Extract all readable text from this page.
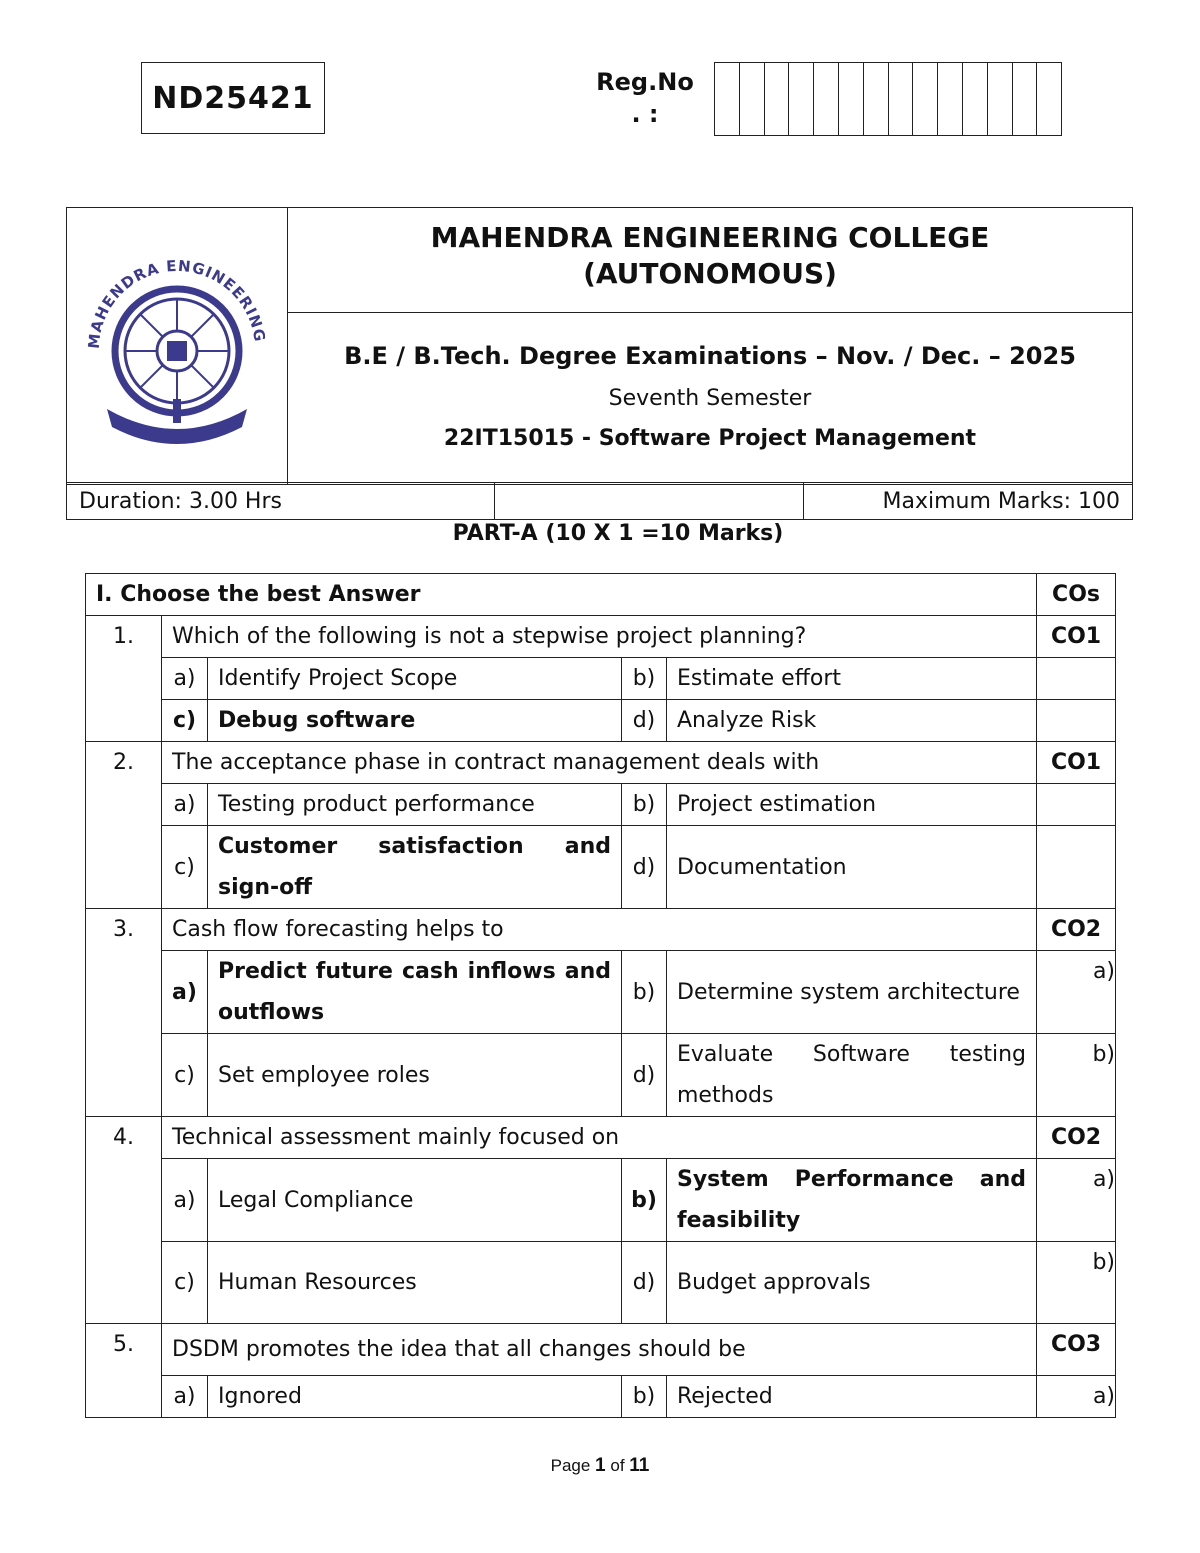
ND25421	Reg.No
. :
MAHENDRA ENGINEERING

MAHENDRA ENGINEERING COLLEGE
(AUTONOMOUS)

B.E / B.Tech. Degree Examinations – Nov. / Dec. – 2025
Seventh Semester
22IT15015 - Software Project Management
Duration: 3.00 Hrs		Maximum Marks: 100
PART-A (10 X 1 =10 Marks)
I. Choose the best Answer					COs
1.	Which of the following is not a stepwise project planning?				CO1
	a)	Identify Project Scope	b)	Estimate effort	
	c)	Debug software	d)	Analyze Risk	
2.	The acceptance phase in contract management deals with				CO1
	a)	Testing product performance	b)	Project estimation	
	c)	Customer satisfaction and sign-off	d)	Documentation	
3.	Cash flow forecasting helps to				CO2
	a)	Predict future cash inflows and outflows	b)	Determine system architecture	a)
	c)	Set employee roles	d)	Evaluate Software testing methods	b)
4.	Technical assessment mainly focused on				CO2
	a)	Legal Compliance	b)	System Performance and feasibility	a)
	c)	Human Resources	d)	Budget approvals	b)
5.	DSDM promotes the idea that all changes should be				CO3
	a)	Ignored	b)	Rejected	a)
Page 1 of 11
